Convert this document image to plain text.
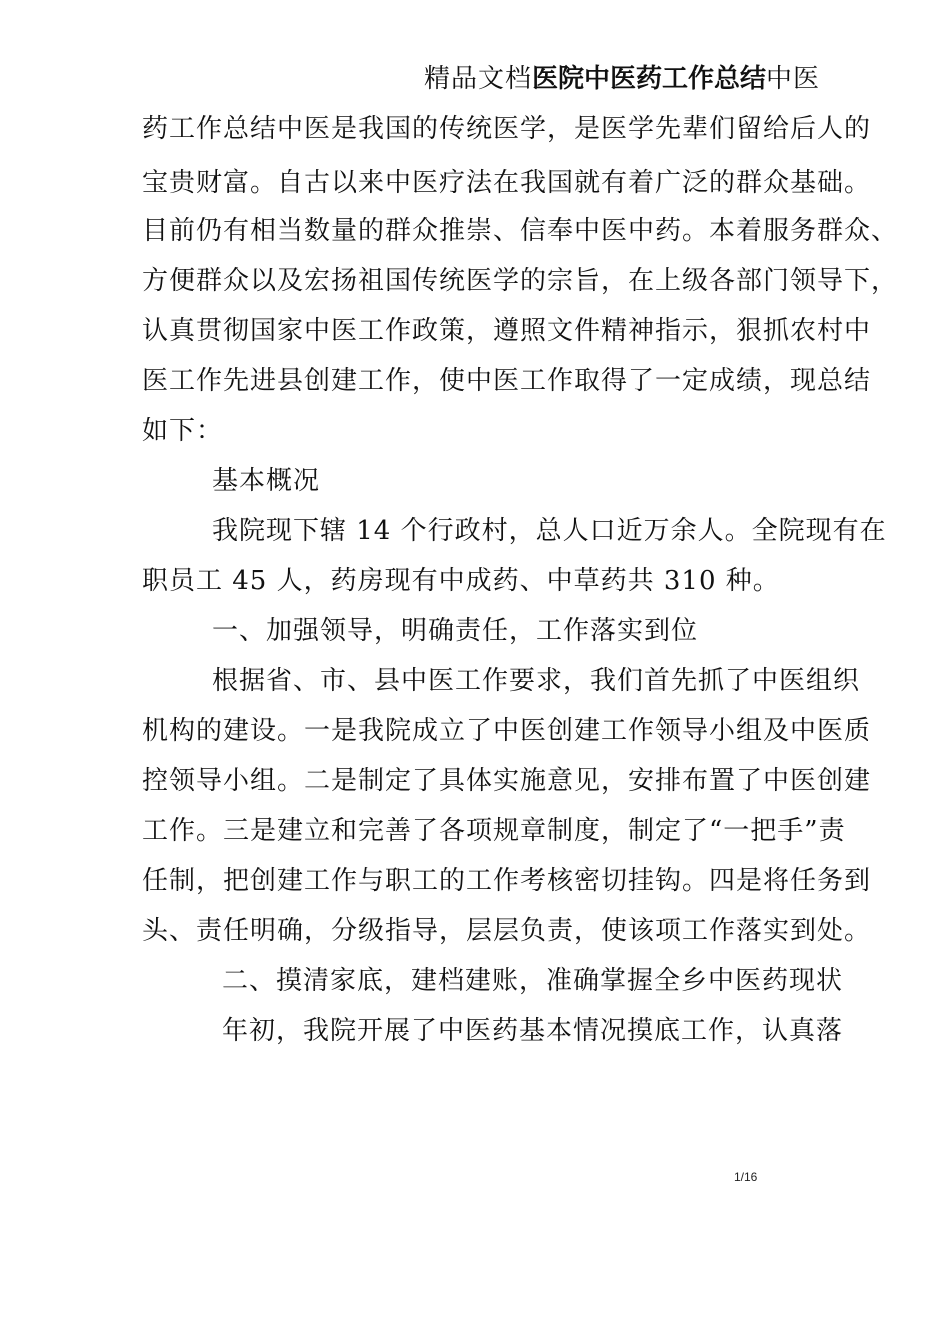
精品文档医院中医药工作总结中医
药工作总结中医是我国的传统医学，是医学先辈们留给后人的
宝贵财富。自古以来中医疗法在我国就有着广泛的群众基础。
目前仍有相当数量的群众推崇、信奉中医中药。本着服务群众、
方便群众以及宏扬祖国传统医学的宗旨，在上级各部门领导下，
认真贯彻国家中医工作政策，遵照文件精神指示，狠抓农村中
医工作先进县创建工作，使中医工作取得了一定成绩，现总结
如下：
基本概况
我院现下辖 14 个行政村，总人口近万余人。全院现有在
职员工 45 人，药房现有中成药、中草药共 310 种。
一、加强领导，明确责任，工作落实到位
根据省、市、县中医工作要求，我们首先抓了中医组织
机构的建设。一是我院成立了中医创建工作领导小组及中医质
控领导小组。二是制定了具体实施意见，安排布置了中医创建
工作。三是建立和完善了各项规章制度，制定了“一把手”责
任制，把创建工作与职工的工作考核密切挂钩。四是将任务到
头、责任明确，分级指导，层层负责，使该项工作落实到处。
二、摸清家底，建档建账，准确掌握全乡中医药现状
年初，我院开展了中医药基本情况摸底工作，认真落
1/16
